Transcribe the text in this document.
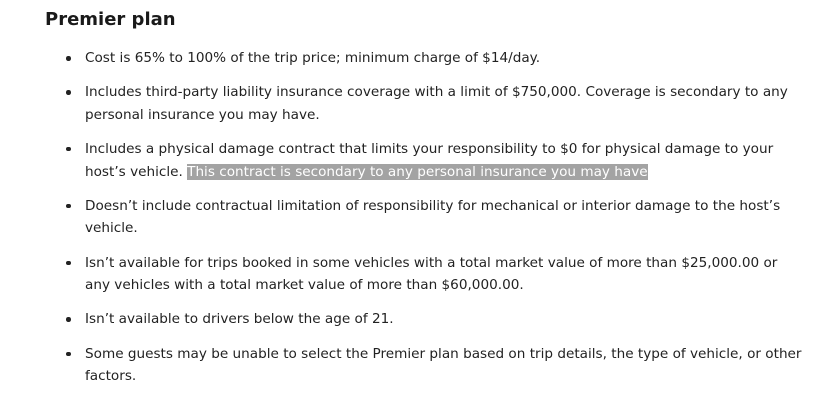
Premier plan
Cost is 65% to 100% of the trip price; minimum charge of $14/day.
Includes third-party liability insurance coverage with a limit of $750,000. Coverage is secondary to any personal insurance you may have.
Includes a physical damage contract that limits your responsibility to $0 for physical damage to your host’s vehicle. This contract is secondary to any personal insurance you may have
Doesn’t include contractual limitation of responsibility for mechanical or interior damage to the host’s vehicle.
Isn’t available for trips booked in some vehicles with a total market value of more than $25,000.00 or any vehicles with a total market value of more than $60,000.00.
Isn’t available to drivers below the age of 21.
Some guests may be unable to select the Premier plan based on trip details, the type of vehicle, or other factors.
